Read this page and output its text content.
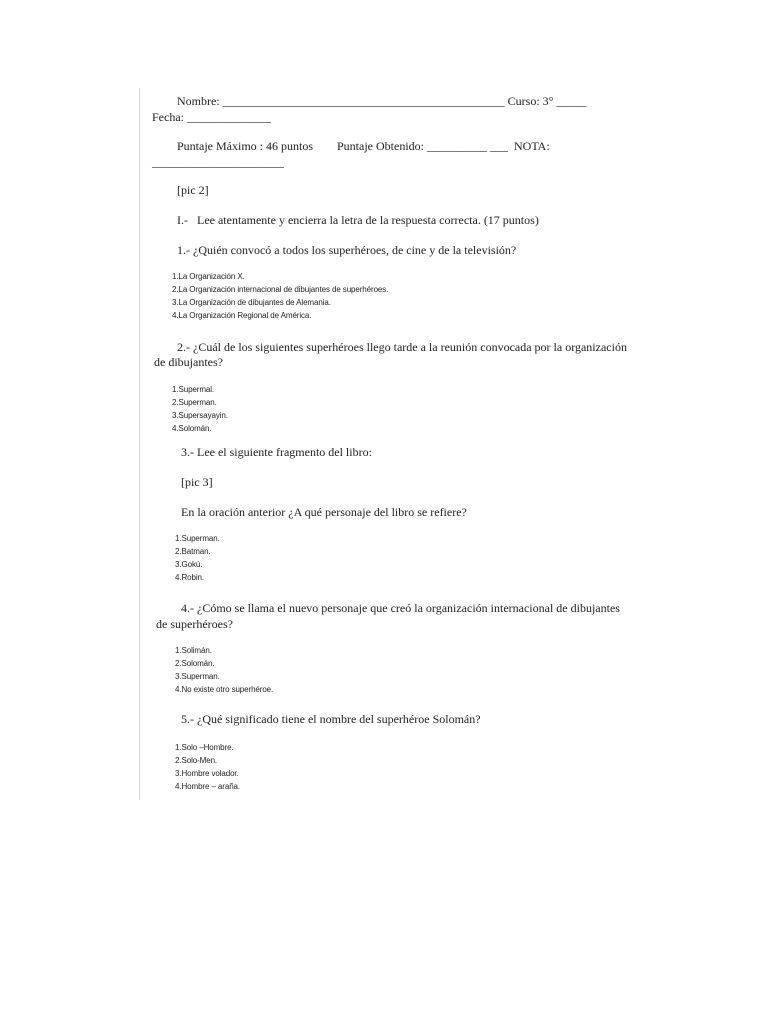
Nombre: _______________________________________________ Curso: 3° _____
Fecha: ______________
Puntaje Máximo : 46 puntos        Puntaje Obtenido: __________ ___  NOTA:
______________________
[pic 2]
I.-   Lee atentamente y encierra la letra de la respuesta correcta. (17 puntos)
1.- ¿Quién convocó a todos los superhéroes, de cine y de la televisión?
1. La Organización X.
2. La Organización internacional de dibujantes de superhéroes.
3. La Organización de dibujantes de Alemania.
4. La Organización Regional de América.
2.- ¿Cuál de los siguientes superhéroes llego tarde a la reunión convocada por la organización
de dibujantes?
1. Supermal.
2. Superman.
3. Supersayayin.
4. Solomán.
3.- Lee el siguiente fragmento del libro:
[pic 3]
En la oración anterior ¿A qué personaje del libro se refiere?
1. Superman.
2. Batman.
3. Gokú.
4. Robin.
4.- ¿Cómo se llama el nuevo personaje que creó la organización internacional de dibujantes
de superhéroes?
1. Solimán.
2. Solomán.
3. Superman.
4. No existe otro superhéroe.
5.- ¿Qué significado tiene el nombre del superhéroe Solomán?
1. Solo –Hombre.
2. Solo-Men.
3. Hombre volador.
4. Hombre – araña.
